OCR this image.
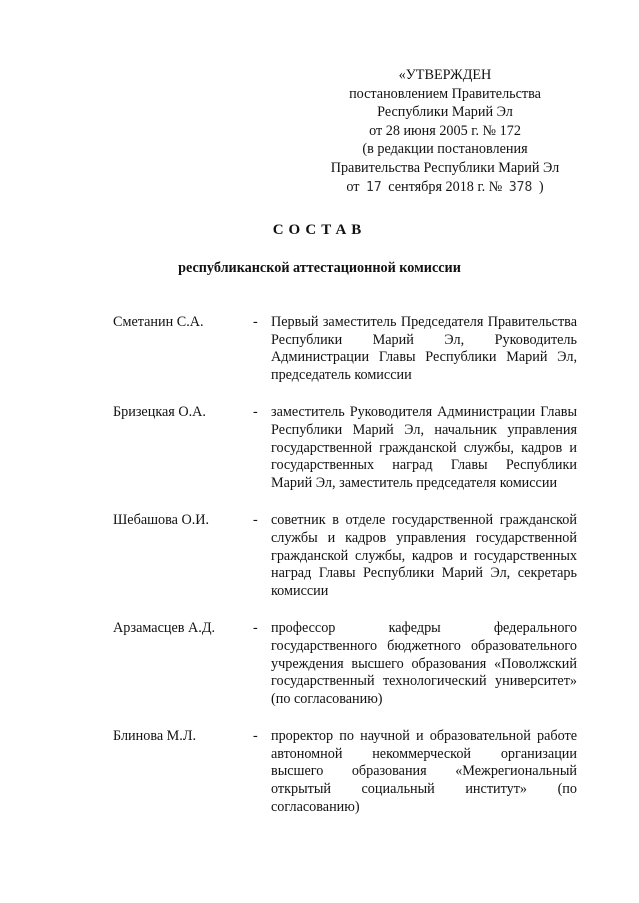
«УТВЕРЖДЕН
постановлением Правительства
Республики Марий Эл
от 28 июня 2005 г. № 172
(в редакции постановления
Правительства Республики Марий Эл
от 17 сентября 2018 г. № 378 )
СОСТАВ
республиканской аттестационной комиссии
Сметанин С.А.	- Первый заместитель Председателя Правительства Республики Марий Эл, Руководитель Администрации Главы Республики Марий Эл, председатель комиссии
Бризецкая О.А.	- заместитель Руководителя Администрации Главы Республики Марий Эл, начальник управления государственной гражданской службы, кадров и государственных наград Главы Республики Марий Эл, заместитель председателя комиссии
Шебашова О.И.	- советник в отделе государственной гражданской службы и кадров управления государственной гражданской службы, кадров и государственных наград Главы Республики Марий Эл, секретарь комиссии
Арзамасцев А.Д.	- профессор кафедры федерального государственного бюджетного образовательного учреждения высшего образования «Поволжский государственный технологический университет» (по согласованию)
Блинова М.Л.	- проректор по научной и образовательной работе автономной некоммерческой организации высшего образования «Межрегиональный открытый социальный институт» (по согласованию)
